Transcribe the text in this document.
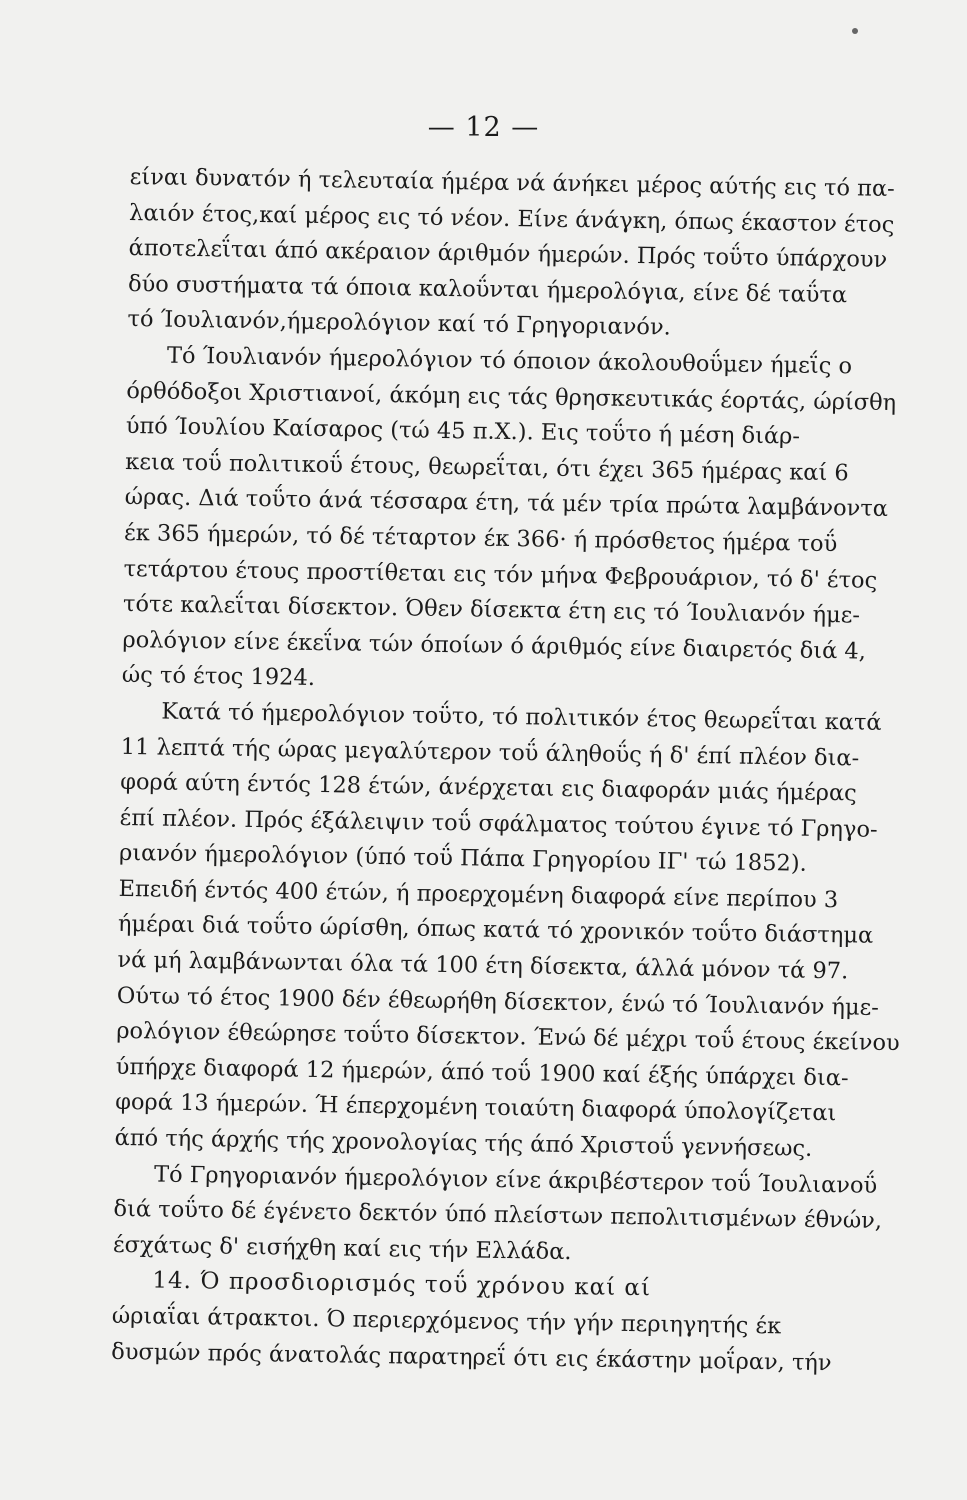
— 12 —
είναι δυνατόν ή τελευταία ήμέρα νά άνήκει μέρος αύτής εις τό πα-
λαιόν έτος,καί μέρος εις τό νέον. Είνε άνάγκη, όπως έκαστον έτος
άποτελεΐται άπό ακέραιον άριθμόν ήμερών. Πρός τοΰτο ύπάρχουν
δύο συστήματα τά όποια καλοΰνται ήμερολόγια, είνε δέ ταΰτα
τό Ίουλιανόν,ήμερολόγιον καί τό Γρηγοριανόν.
Τό Ίουλιανόν ήμερολόγιον τό όποιον άκολουθοΰμεν ήμεΐς ο
όρθόδοξοι Χριστιανοί, άκόμη εις τάς θρησκευτικάς έορτάς, ώρίσθη
ύπό Ίουλίου Καίσαρος (τώ 45 π.Χ.). Εις τοΰτο ή μέση διάρ-
κεια τοΰ πολιτικοΰ έτους, θεωρεΐται, ότι έχει 365 ήμέρας καί 6
ώρας. Διά τοΰτο άνά τέσσαρα έτη, τά μέν τρία πρώτα λαμβάνοντα
έκ 365 ήμερών, τό δέ τέταρτον έκ 366· ή πρόσθετος ήμέρα τοΰ
τετάρτου έτους προστίθεται εις τόν μήνα Φεβρουάριον, τό δ' έτος
τότε καλεΐται δίσεκτον. Όθεν δίσεκτα έτη εις τό Ίουλιανόν ήμε-
ρολόγιον είνε έκεΐνα τών όποίων ό άριθμός είνε διαιρετός διά 4,
ώς τό έτος 1924.
Κατά τό ήμερολόγιον τοΰτο, τό πολιτικόν έτος θεωρεΐται κατά
11 λεπτά τής ώρας μεγαλύτερον τοΰ άληθοΰς ή δ' έπί πλέον δια-
φορά αύτη έντός 128 έτών, άνέρχεται εις διαφοράν μιάς ήμέρας
έπί πλέον. Πρός έξάλειψιν τοΰ σφάλματος τούτου έγινε τό Γρηγο-
ριανόν ήμερολόγιον (ύπό τοΰ Πάπα Γρηγορίου ΙΓ' τώ 1852).
Επειδή έντός 400 έτών, ή προερχομένη διαφορά είνε περίπου 3
ήμέραι διά τοΰτο ώρίσθη, όπως κατά τό χρονικόν τοΰτο διάστημα
νά μή λαμβάνωνται όλα τά 100 έτη δίσεκτα, άλλά μόνον τά 97.
Ούτω τό έτος 1900 δέν έθεωρήθη δίσεκτον, ένώ τό Ίουλιανόν ήμε-
ρολόγιον έθεώρησε τοΰτο δίσεκτον. Ένώ δέ μέχρι τοΰ έτους έκείνου
ύπήρχε διαφορά 12 ήμερών, άπό τοΰ 1900 καί έξής ύπάρχει δια-
φορά 13 ήμερών. Ή έπερχομένη τοιαύτη διαφορά ύπολογίζεται
άπό τής άρχής τής χρονολογίας τής άπό Χριστοΰ γεννήσεως.
Τό Γρηγοριανόν ήμερολόγιον είνε άκριβέστερον τοΰ Ίουλιανοΰ
διά τοΰτο δέ έγένετο δεκτόν ύπό πλείστων πεπολιτισμένων έθνών,
έσχάτως δ' εισήχθη καί εις τήν Ελλάδα.
14. Ό προσδιορισμός τοΰ χρόνου καί αί
ώριαΐαι άτρακτοι. Ό περιερχόμενος τήν γήν περιηγητής έκ
δυσμών πρός άνατολάς παρατηρεΐ ότι εις έκάστην μοΐραν, τήν
